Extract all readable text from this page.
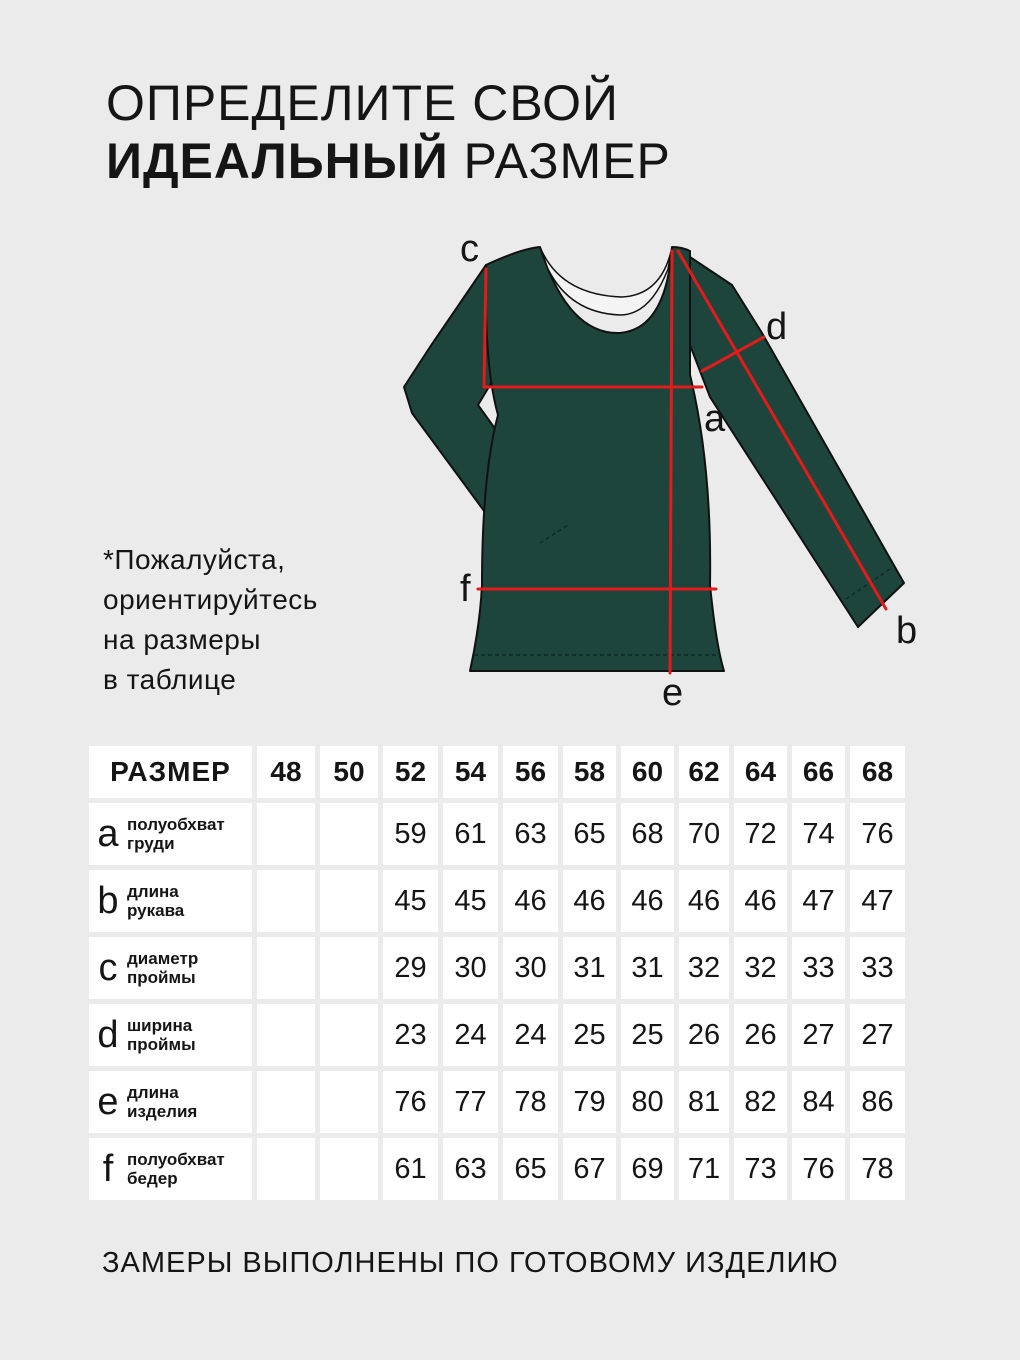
ОПРЕДЕЛИТЕ СВОЙ
ИДЕАЛЬНЫЙ РАЗМЕР
*Пожалуйста,
ориентируйтесь
на размеры
в таблице
c
d
a
f
b
e
РАЗМЕР	48	50	52	54	56	58	60	62	64	66	68

a полуобхват
груди			59	61	63	65	68	70	72	74	76

b длина
рукава			45	45	46	46	46	46	46	47	47

c диаметр
проймы			29	30	30	31	31	32	32	33	33

d ширина
проймы			23	24	24	25	25	26	26	27	27

e длина
изделия			76	77	78	79	80	81	82	84	86

f полуобхват
бедер			61	63	65	67	69	71	73	76	78
ЗАМЕРЫ ВЫПОЛНЕНЫ ПО ГОТОВОМУ ИЗДЕЛИЮ
